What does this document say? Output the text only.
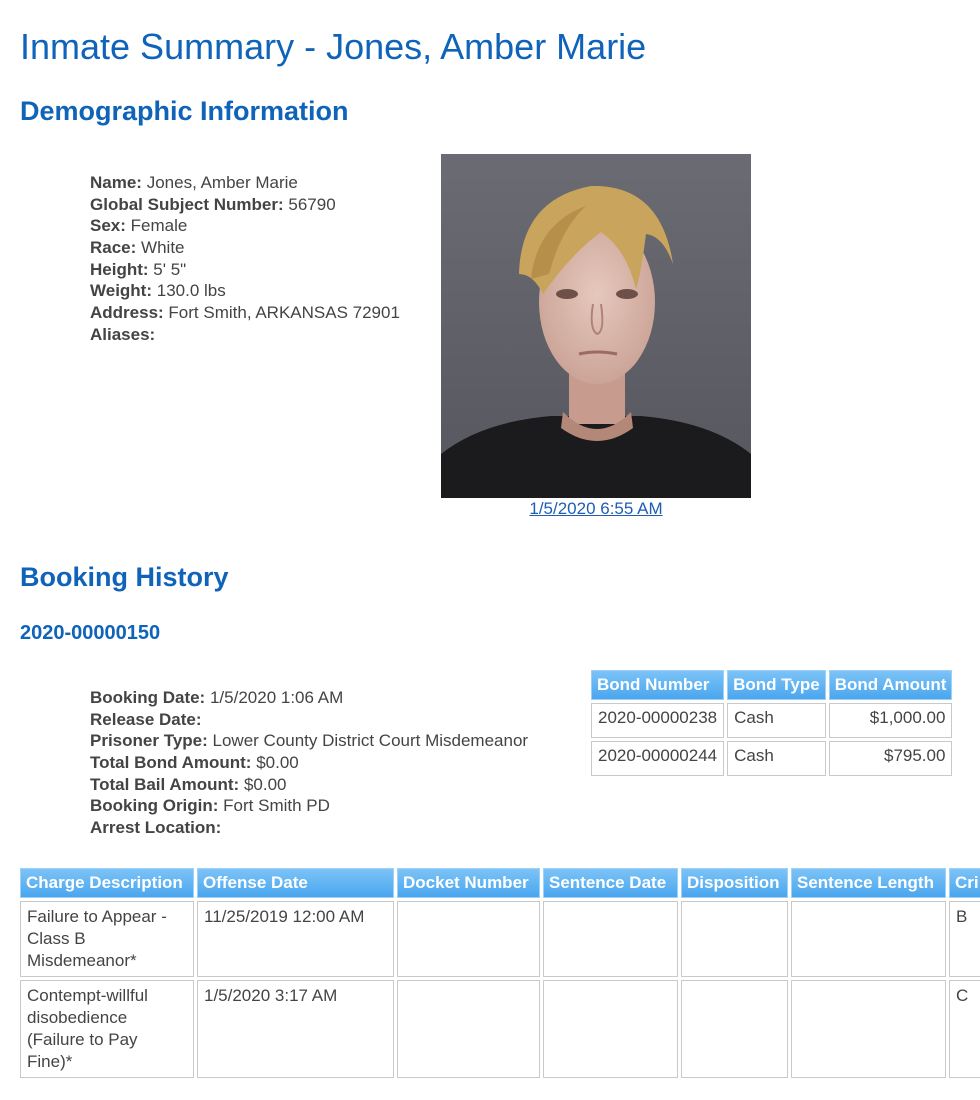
Inmate Summary - Jones, Amber Marie
Demographic Information
Name: Jones, Amber Marie
Global Subject Number: 56790
Sex: Female
Race: White
Height: 5' 5"
Weight: 130.0 lbs
Address: Fort Smith, ARKANSAS 72901
Aliases:
1/5/2020 6:55 AM
Booking History
2020-00000150
Booking Date: 1/5/2020 1:06 AM
Release Date:
Prisoner Type: Lower County District Court Misdemeanor
Total Bond Amount: $0.00
Total Bail Amount: $0.00
Booking Origin: Fort Smith PD
Arrest Location:
Bond Number	Bond Type	Bond Amount
2020-00000238	Cash	$1,000.00
2020-00000244	Cash	$795.00
Charge Description	Offense Date	Docket Number	Sentence Date	Disposition	Sentence Length	Cri
Failure to Appear - Class B Misdemeanor*	11/25/2019 12:00 AM					B
Contempt-willful disobedience (Failure to Pay Fine)*	1/5/2020 3:17 AM					C
